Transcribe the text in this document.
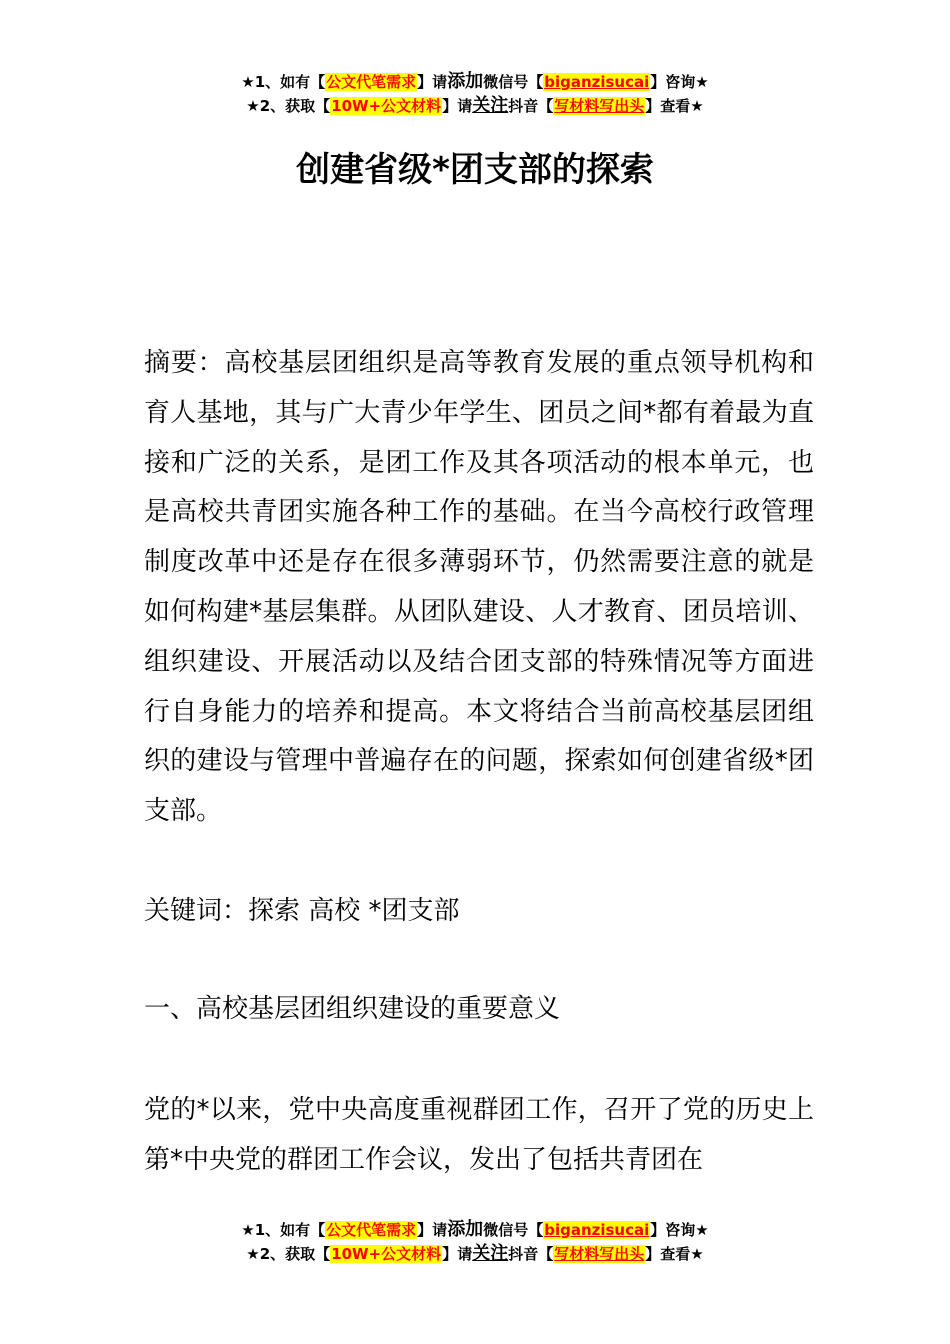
★1、如有【公文代笔需求】请添加微信号【biganzisucai】咨询★
★2、获取【10W+公文材料】请关注抖音【写材料写出头】查看★
创建省级*团支部的探索

摘要：高校基层团组织是高等教育发展的重点领导机构和育人基地，其与广大青少年学生、团员之间*都有着最为直接和广泛的关系，是团工作及其各项活动的根本单元，也是高校共青团实施各种工作的基础。在当今高校行政管理制度改革中还是存在很多薄弱环节，仍然需要注意的就是如何构建*基层集群。从团队建设、人才教育、团员培训、组织建设、开展活动以及结合团支部的特殊情况等方面进行自身能力的培养和提高。本文将结合当前高校基层团组织的建设与管理中普遍存在的问题，探索如何创建省级*团支部。

关键词：探索 高校 *团支部

一、高校基层团组织建设的重要意义

党的*以来，党中央高度重视群团工作，召开了党的历史上第*中央党的群团工作会议，发出了包括共青团在

★1、如有【公文代笔需求】请添加微信号【biganzisucai】咨询★
★2、获取【10W+公文材料】请关注抖音【写材料写出头】查看★
